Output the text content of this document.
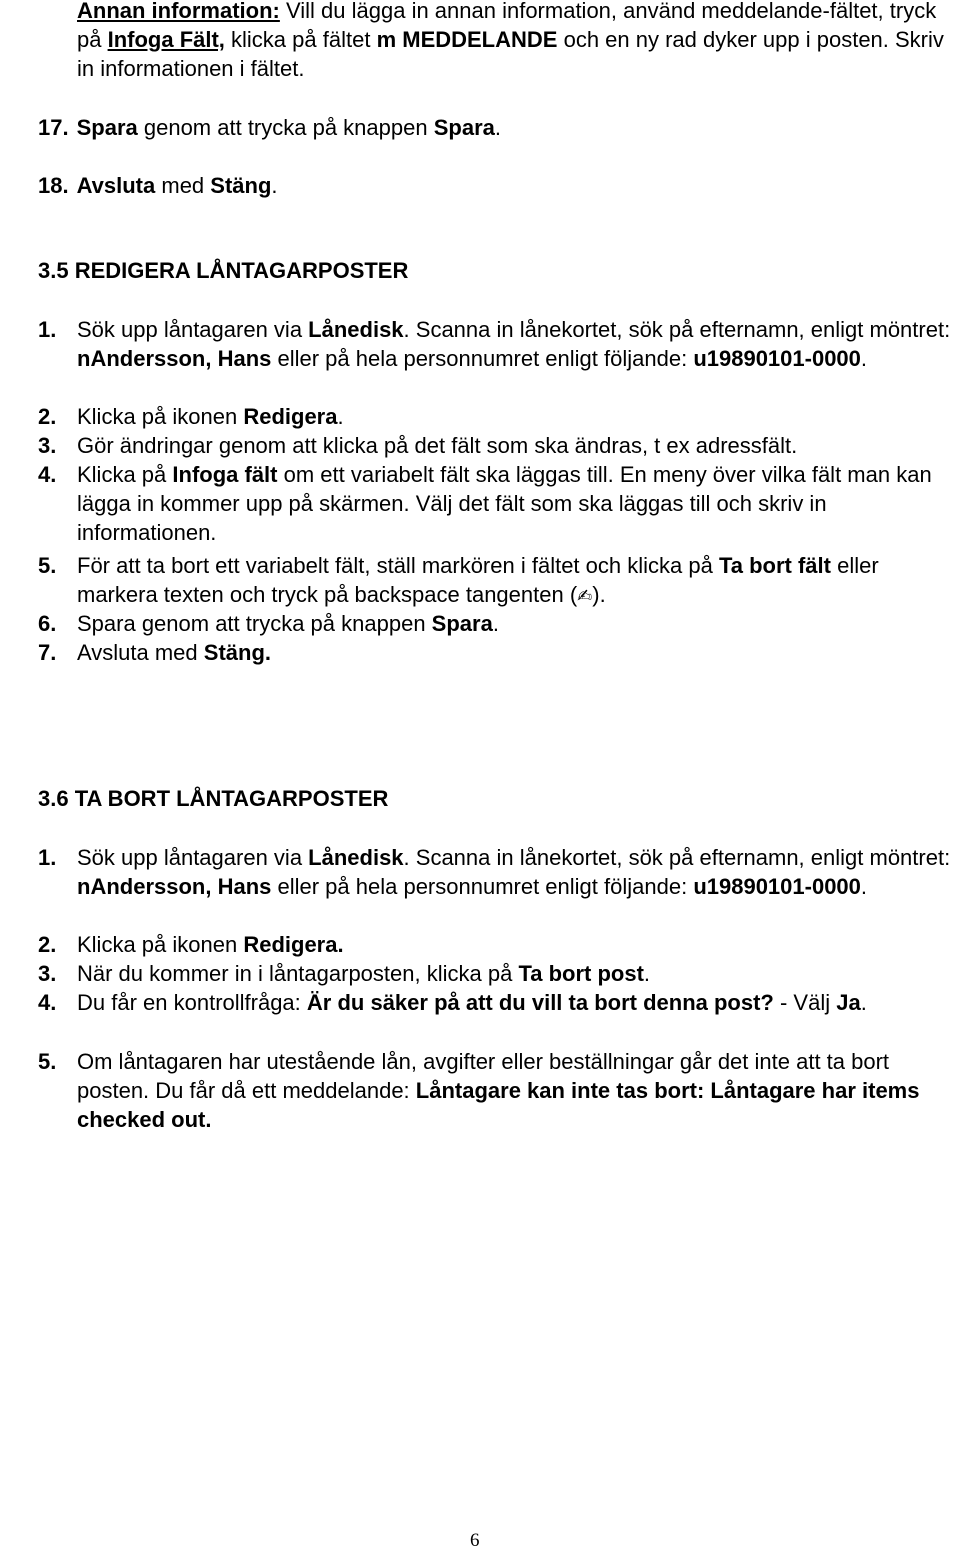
Annan information: Vill du lägga in annan information, använd meddelande-fältet, tryck på Infoga Fält, klicka på fältet m MEDDELANDE och en ny rad dyker upp i posten. Skriv in informationen i fältet.
17. Spara genom att trycka på knappen Spara.
18. Avsluta med Stäng.
3.5 REDIGERA LÅNTAGARPOSTER
1. Sök upp låntagaren via Lånedisk. Scanna in lånekortet, sök på efternamn, enligt möntret: nAndersson, Hans eller på hela personnumret enligt följande: u19890101-0000.
2. Klicka på ikonen Redigera.
3. Gör ändringar genom att klicka på det fält som ska ändras, t ex adressfält.
4. Klicka på Infoga fält om ett variabelt fält ska läggas till. En meny över vilka fält man kan lägga in kommer upp på skärmen. Välj det fält som ska läggas till och skriv in informationen.
5. För att ta bort ett variabelt fält, ställ markören i fältet och klicka på Ta bort fält eller markera texten och tryck på backspace tangenten (✍).
6. Spara genom att trycka på knappen Spara.
7. Avsluta med Stäng.
3.6 TA BORT LÅNTAGARPOSTER
1. Sök upp låntagaren via Lånedisk. Scanna in lånekortet, sök på efternamn, enligt möntret: nAndersson, Hans eller på hela personnumret enligt följande: u19890101-0000.
2. Klicka på ikonen Redigera.
3. När du kommer in i låntagarposten, klicka på Ta bort post.
4. Du får en kontrollfråga: Är du säker på att du vill ta bort denna post? - Välj Ja.
5. Om låntagaren har utestående lån, avgifter eller beställningar går det inte att ta bort posten. Du får då ett meddelande: Låntagare kan inte tas bort: Låntagare har items checked out.
6
